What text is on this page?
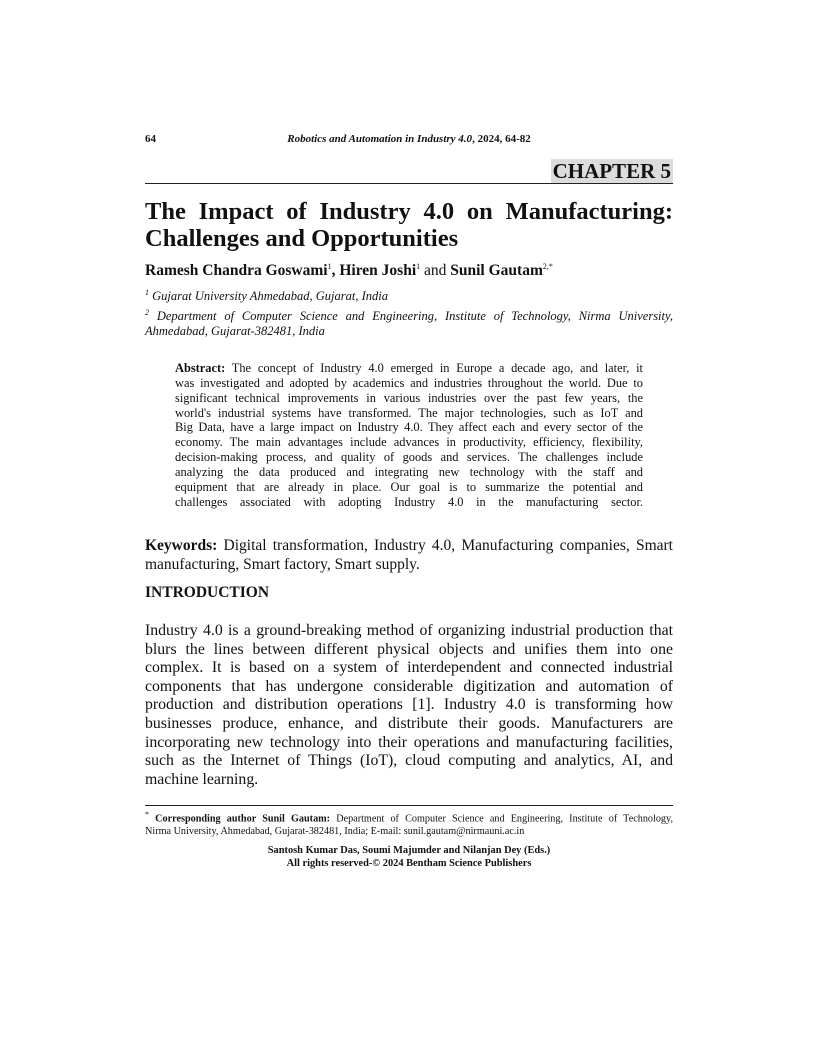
64	Robotics and Automation in Industry 4.0, 2024, 64-82
CHAPTER 5
The Impact of Industry 4.0 on Manufacturing:
Challenges and Opportunities
Ramesh Chandra Goswami$^1$, Hiren Joshi$^1$ and Sunil Gautam$^{2,*}$
$^1$ Gujarat University Ahmedabad, Gujarat, India
$^2$ Department of Computer Science and Engineering, Institute of Technology, Nirma University,
Ahmedabad, Gujarat-382481, India
Abstract: The concept of Industry 4.0 emerged in Europe a decade ago, and later, it
was investigated and adopted by academics and industries throughout the world. Due to
significant technical improvements in various industries over the past few years, the
world's industrial systems have transformed. The major technologies, such as IoT and
Big Data, have a large impact on Industry 4.0. They affect each and every sector of the
economy. The main advantages include advances in productivity, efficiency, flexibility,
decision-making process, and quality of goods and services. The challenges include
analyzing the data produced and integrating new technology with the staff and
equipment that are already in place. Our goal is to summarize the potential and
challenges associated with adopting Industry 4.0 in the manufacturing sector.
Keywords: Digital transformation, Industry 4.0, Manufacturing companies, Smart
manufacturing, Smart factory, Smart supply.
INTRODUCTION
Industry 4.0 is a ground-breaking method of organizing industrial production that
blurs the lines between different physical objects and unifies them into one
complex. It is based on a system of interdependent and connected industrial
components that has undergone considerable digitization and automation of
production and distribution operations [1]. Industry 4.0 is transforming how
businesses produce, enhance, and distribute their goods. Manufacturers are
incorporating new technology into their operations and manufacturing facilities,
such as the Internet of Things (IoT), cloud computing and analytics, AI, and
machine learning.
* Corresponding author Sunil Gautam: Department of Computer Science and Engineering, Institute of Technology,
Nirma University, Ahmedabad, Gujarat-382481, India; E-mail: sunil.gautam@nirmauni.ac.in
Santosh Kumar Das, Soumi Majumder and Nilanjan Dey (Eds.)
All rights reserved-© 2024 Bentham Science Publishers
